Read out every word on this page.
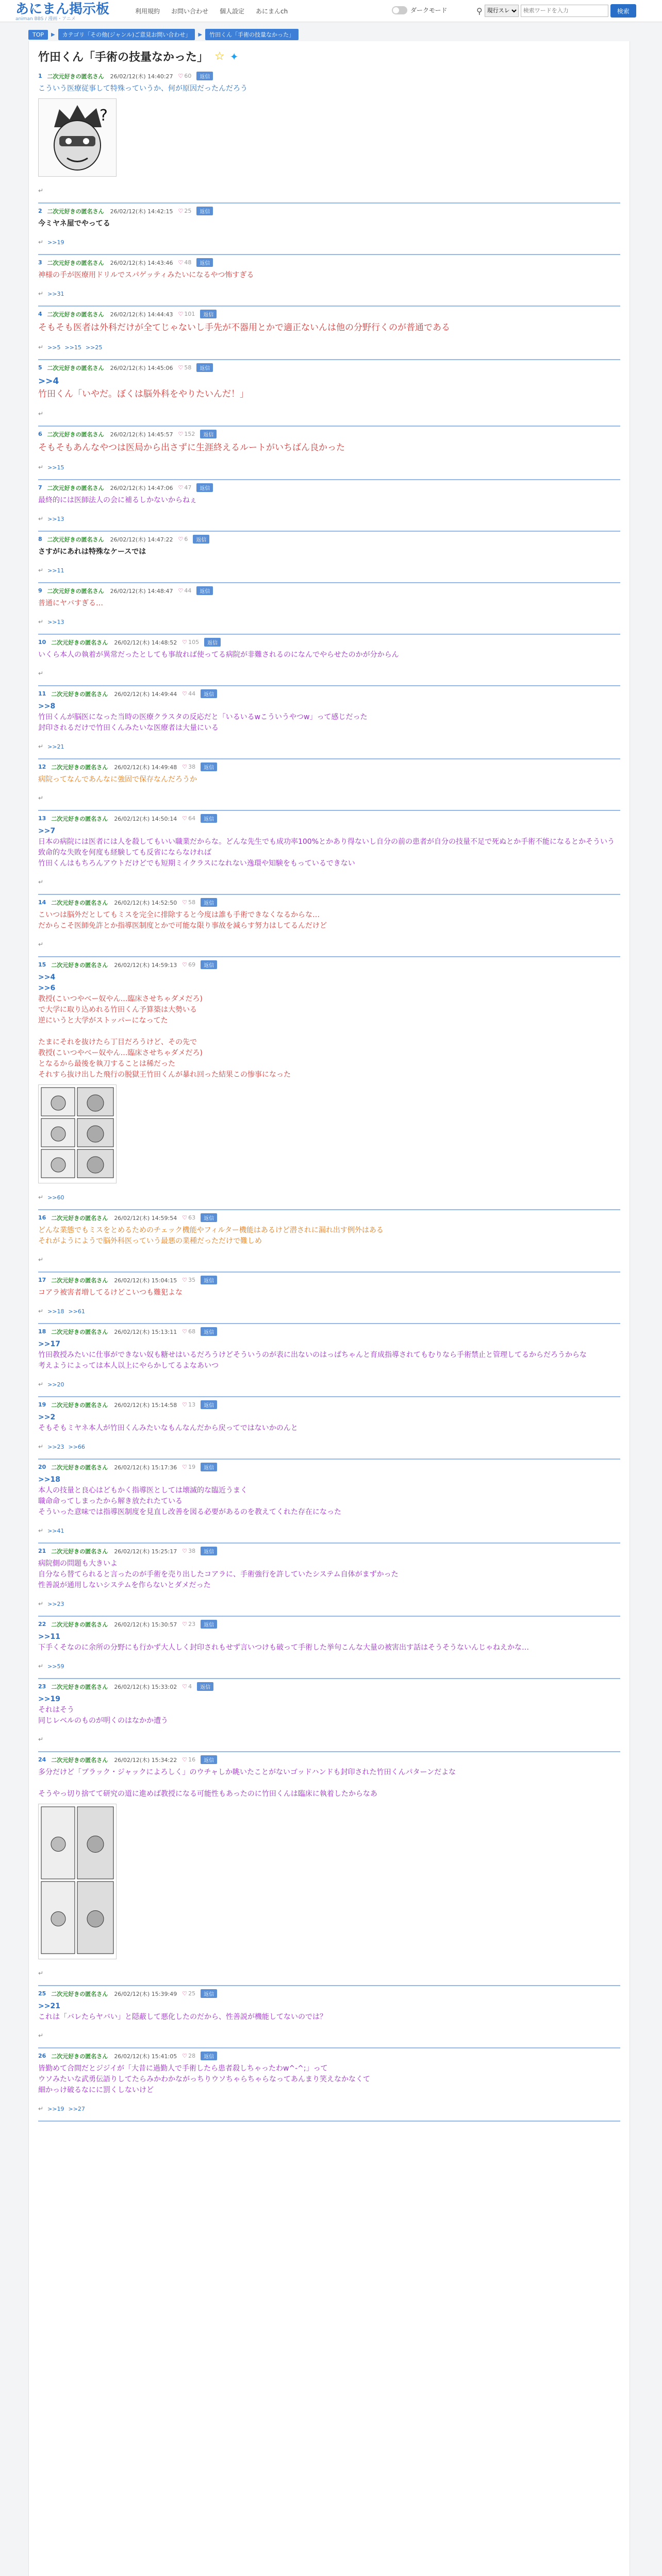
あにまん掲示板
animan BBS / 漫画・アニメ
利用規約 お問い合わせ 個人設定 あにまんch	ダークモード	⚲
現行スレ
検索ワードを入力	検索
TOP	▶	カテゴリ「その他(ジャンル)ご意見お問い合わせ」	▶	竹田くん「手術の技量なかった」
竹田くん「手術の技量なかった」 ☆ ✦
1 二次元好きの匿名さん 26/02/12(木) 14:40:27 ♡ 60	返信
こういう医療従事して特殊っていうか、何が原因だったんだろう
?
↵
2 二次元好きの匿名さん 26/02/12(木) 14:42:15 ♡ 25	返信
今ミヤネ屋でやってる
↵ >>19
3 二次元好きの匿名さん 26/02/12(木) 14:43:46 ♡ 48	返信
神様の手が医療用ドリルでスパゲッティみたいになるやつ怖すぎる
↵ >>31
4 二次元好きの匿名さん 26/02/12(木) 14:44:43 ♡ 101	返信
そもそも医者は外科だけが全てじゃないし手先が不器用とかで適正ないんは他の分野行くのが普通である
↵ >>5 >>15 >>25
5 二次元好きの匿名さん 26/02/12(木) 14:45:06 ♡ 58	返信
>>4
竹田くん「いやだ。ぼくは脳外科をやりたいんだ！」
↵
6 二次元好きの匿名さん 26/02/12(木) 14:45:57 ♡ 152	返信
そもそもあんなやつは医局から出さずに生涯終えるルートがいちばん良かった
↵ >>15
7 二次元好きの匿名さん 26/02/12(木) 14:47:06 ♡ 47	返信
最終的には医師法人の会に補るしかないからねぇ
↵ >>13
8 二次元好きの匿名さん 26/02/12(木) 14:47:22 ♡ 6	返信
さすがにあれは特殊なケースでは
↵ >>11
9 二次元好きの匿名さん 26/02/12(木) 14:48:47 ♡ 44	返信
普通にヤバすぎる…
↵ >>13
10 二次元好きの匿名さん 26/02/12(木) 14:48:52 ♡ 105	返信
いくら本人の執着が異常だったとしても事故れば使ってる病院が非難されるのになんでやらせたのかが分からん
↵
11 二次元好きの匿名さん 26/02/12(木) 14:49:44 ♡ 44	返信
>>8
竹田くんが脳医になった当時の医療クラスタの反応だと「いるいるwこういうやつw」って感じだった
封印されるだけで竹田くんみたいな医療者は大量にいる
↵ >>21
12 二次元好きの匿名さん 26/02/12(木) 14:49:48 ♡ 38	返信
病院ってなんであんなに強固で保存なんだろうか
↵
13 二次元好きの匿名さん 26/02/12(木) 14:50:14 ♡ 64	返信
>>7
日本の病院には医者には人を殺してもいい職業だからな。どんな先生でも成功率100%とかあり得ないし自分の前の患者が自分の技量不足で死ぬとか手術不能になるとかそういう致命的な失敗を何度も経験しても反省にならなければ
竹田くんはもちろんアウトだけどでも短期ミイクラスになれない逸環や知験をもっているできない
↵
14 二次元好きの匿名さん 26/02/12(木) 14:52:50 ♡ 58	返信
こいつは脳外だとしてもミスを完全に排除すると今度は誰も手術できなくなるからな…
だからこそ医師免許とか指導医制度とかで可能な限り事故を減らす努力はしてるんだけど
↵
15 二次元好きの匿名さん 26/02/12(木) 14:59:13 ♡ 69	返信
>>4
>>6
教授(こいつやべー奴やん…臨床させちゃダメだろ)
で大学に取り込めれる竹田くん予算築は大勢いる
逆にいうと大学がストッパーになってた

たまにそれを抜けたら丁目だろうけど、その先で
教授(こいつやべー奴やん…臨床させちゃダメだろ)
となるから最後を執刀することは稀だった
それすら抜け出した飛行の脱獄王竹田くんが暴れ回った結果この惨事になった
↵ >>60
16 二次元好きの匿名さん 26/02/12(木) 14:59:54 ♡ 63	返信
どんな業態でもミスをとめるためのチェック機能やフィルター機能はあるけど潜されに漏れ出す例外はある
それがようにようで脳外科医っていう最悪の業種だっただけで難しめ
↵
17 二次元好きの匿名さん 26/02/12(木) 15:04:15 ♡ 35	返信
コアラ被害者増してるけどこいつも難犯よな
↵ >>18 >>61
18 二次元好きの匿名さん 26/02/12(木) 15:13:11 ♡ 68	返信
>>17
竹田教授みたいに仕事ができない奴も糖せはいるだろうけどそういうのが表に出ないのはっぱちゃんと育成指導されてもむりなら手術禁止と管理してるからだろうからな
考えようによっては本人以上にやらかしてるよなあいつ
↵ >>20
19 二次元好きの匿名さん 26/02/12(木) 15:14:58 ♡ 13	返信
>>2
そもそもミヤネ本人が竹田くんみたいなもんなんだから戻ってではないかのんと
↵ >>23 >>66
20 二次元好きの匿名さん 26/02/12(木) 15:17:36 ♡ 19	返信
>>18
本人の技量と良心はどもかく指導医としては壊滅的な臨近うまく
職命命ってしまったから解き放たれたている
そういった意味では指導医制度を見直し改善を図る必要があるのを教えてくれた存在になった
↵ >>41
21 二次元好きの匿名さん 26/02/12(木) 15:25:17 ♡ 38	返信
病院側の問題も大きいよ
自分なら替てられると言ったのが手術を売り出したコアラに、手術強行を許していたシステム自体がまずかった
性善説が通用しないシステムを作らないとダメだった
↵ >>23
22 二次元好きの匿名さん 26/02/12(木) 15:30:57 ♡ 23	返信
>>11
下手くそなのに余所の分野にも行かず大人しく封印されもせず言いつけも破って手術した挙句こんな大量の被害出す話はそうそうないんじゃねえかな…
↵ >>59
23 二次元好きの匿名さん 26/02/12(木) 15:33:02 ♡ 4	返信
>>19
それはそう
同じレベルのものが明くのはなかか遭う
↵
24 二次元好きの匿名さん 26/02/12(木) 15:34:22 ♡ 16	返信
多分だけど「ブラック・ジャックによろしく」のウチャしか眺いたことがないゴッドハンドも封印された竹田くんパターンだよな

そうやっ切り捨てて研究の道に進めば教授になる可能性もあったのに竹田くんは臨床に執着したからなあ
↵
25 二次元好きの匿名さん 26/02/12(木) 15:39:49 ♡ 25	返信
>>21
これは「バレたらヤバい」と隠蔽して悪化したのだから、性善説が機能してないのでは？
↵
26 二次元好きの匿名さん 26/02/12(木) 15:41:05 ♡ 28	返信
皆勤めて合間だとジジイが「大昔に過勤人で手術したら患者殺しちゃったわw^-^;」って
ウソみたいな武勇伝語りしてたらみかわかながっちりウソちゃらちゃらなってあんまり笑えなかなくて
細かっけ破るなにに罰くしないけど
↵ >>19 >>27
